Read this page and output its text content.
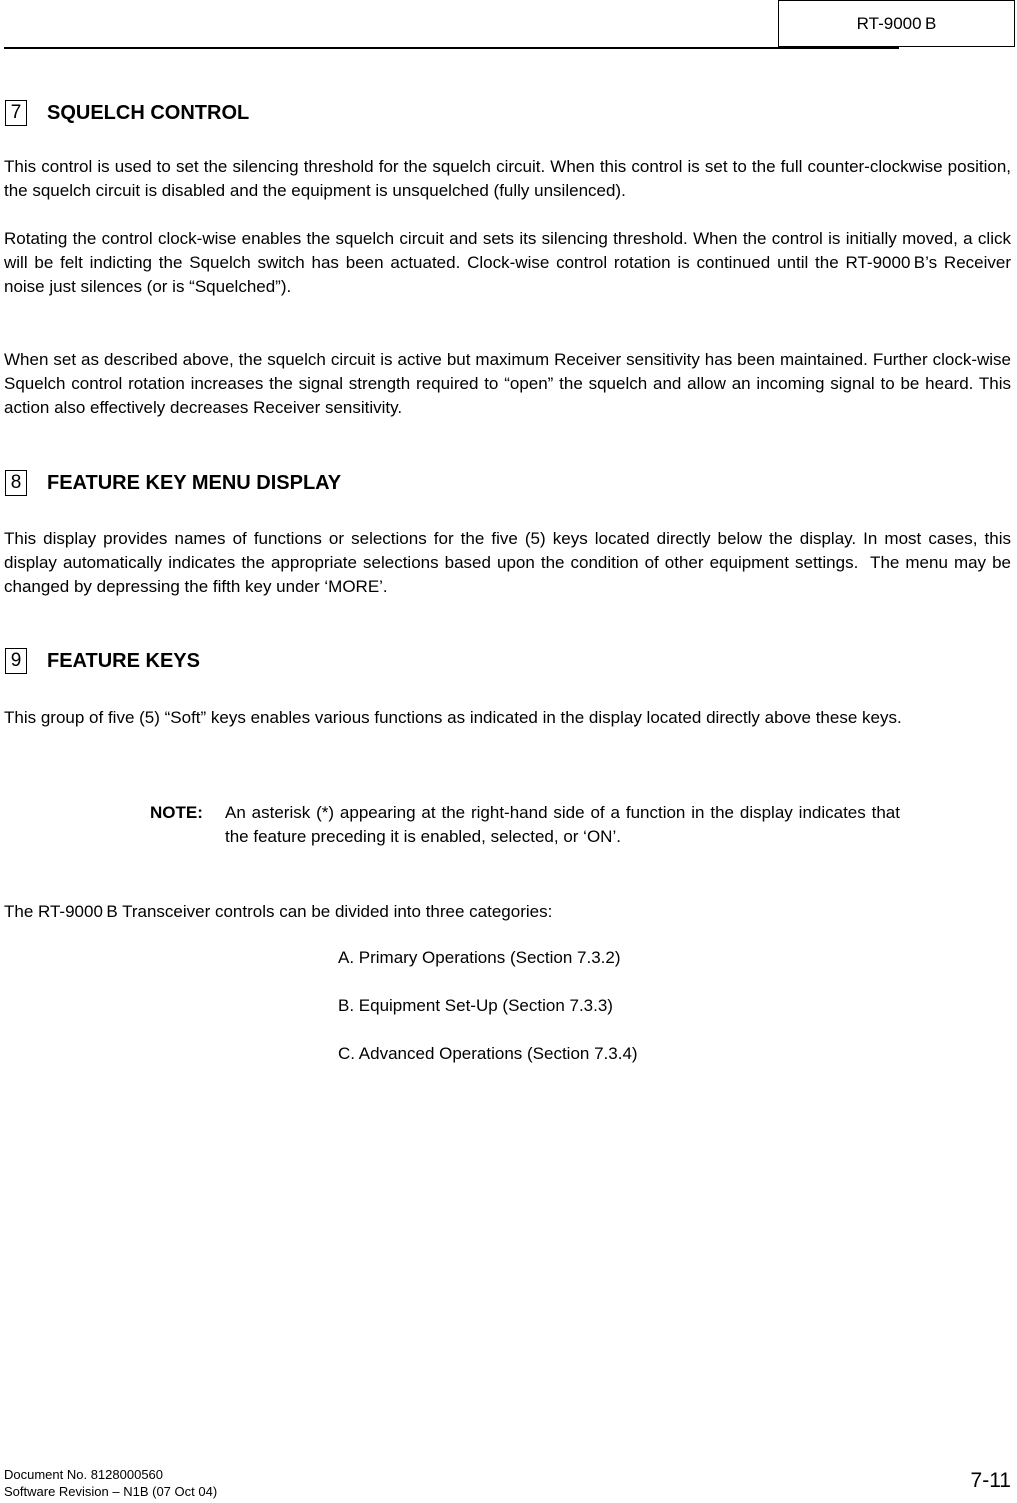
RT-9000 B
7 SQUELCH CONTROL

This control is used to set the silencing threshold for the squelch circuit. When this control is set to the full counter-clockwise position, the squelch circuit is disabled and the equipment is unsquelched (fully unsilenced).

Rotating the control clock-wise enables the squelch circuit and sets its silencing threshold. When the control is initially moved, a click will be felt indicting the Squelch switch has been actuated. Clock-wise control rotation is continued until the RT-9000 B’s Receiver noise just silences (or is “Squelched”).

When set as described above, the squelch circuit is active but maximum Receiver sensitivity has been maintained. Further clock-wise Squelch control rotation increases the signal strength required to “open” the squelch and allow an incoming signal to be heard. This action also effectively decreases Receiver sensitivity.

8 FEATURE KEY MENU DISPLAY

This display provides names of functions or selections for the five (5) keys located directly below the display. In most cases, this display automatically indicates the appropriate selections based upon the condition of other equipment settings.  The menu may be changed by depressing the fifth key under ‘MORE’.

9 FEATURE KEYS

This group of five (5) “Soft” keys enables various functions as indicated in the display located directly above these keys.

NOTE:	An asterisk (*) appearing at the right-hand side of a function in the display indicates that the feature preceding it is enabled, selected, or ‘ON’.

The RT-9000 B Transceiver controls can be divided into three categories:

A. Primary Operations (Section 7.3.2)
B. Equipment Set-Up (Section 7.3.3)
C. Advanced Operations (Section 7.3.4)
Document No. 8128000560
Software Revision – N1B (07 Oct 04)	7-11
